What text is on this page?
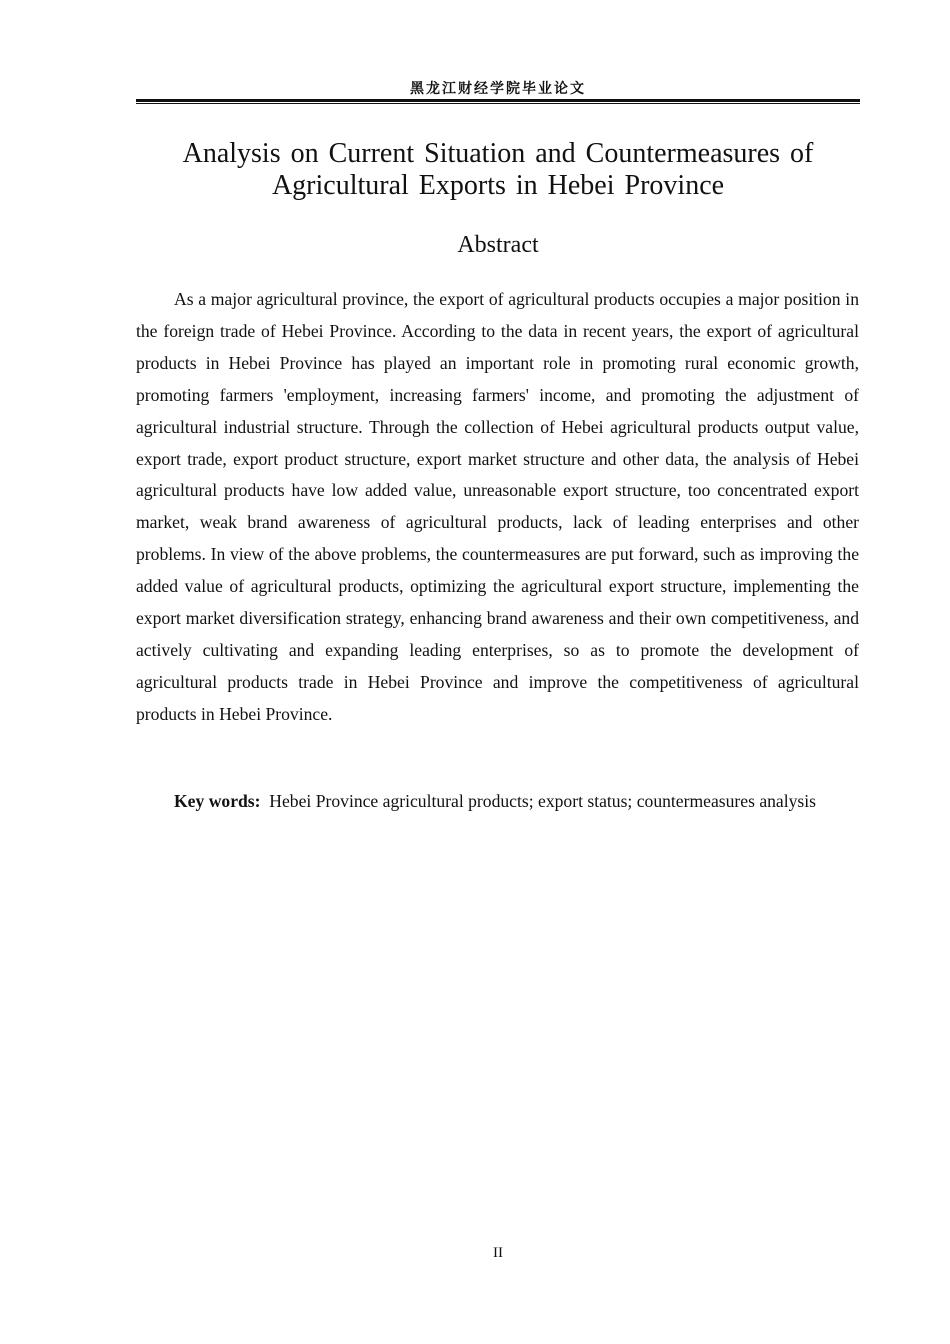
黑龙江财经学院毕业论文
Analysis on Current Situation and Countermeasures of Agricultural Exports in Hebei Province
Abstract

As a major agricultural province, the export of agricultural products occupies a major position in the foreign trade of Hebei Province. According to the data in recent years, the export of agricultural products in Hebei Province has played an important role in promoting rural economic growth, promoting farmers 'employment, increasing farmers' income, and promoting the adjustment of agricultural industrial structure. Through the collection of Hebei agricultural products output value, export trade, export product structure, export market structure and other data, the analysis of Hebei agricultural products have low added value, unreasonable export structure, too concentrated export market, weak brand awareness of agricultural products, lack of leading enterprises and other problems. In view of the above problems, the countermeasures are put forward, such as improving the added value of agricultural products, optimizing the agricultural export structure, implementing the export market diversification strategy, enhancing brand awareness and their own competitiveness, and actively cultivating and expanding leading enterprises, so as to promote the development of agricultural products trade in Hebei Province and improve the competitiveness of agricultural products in Hebei Province.

Key words: Hebei Province agricultural products; export status; countermeasures analysis

II
